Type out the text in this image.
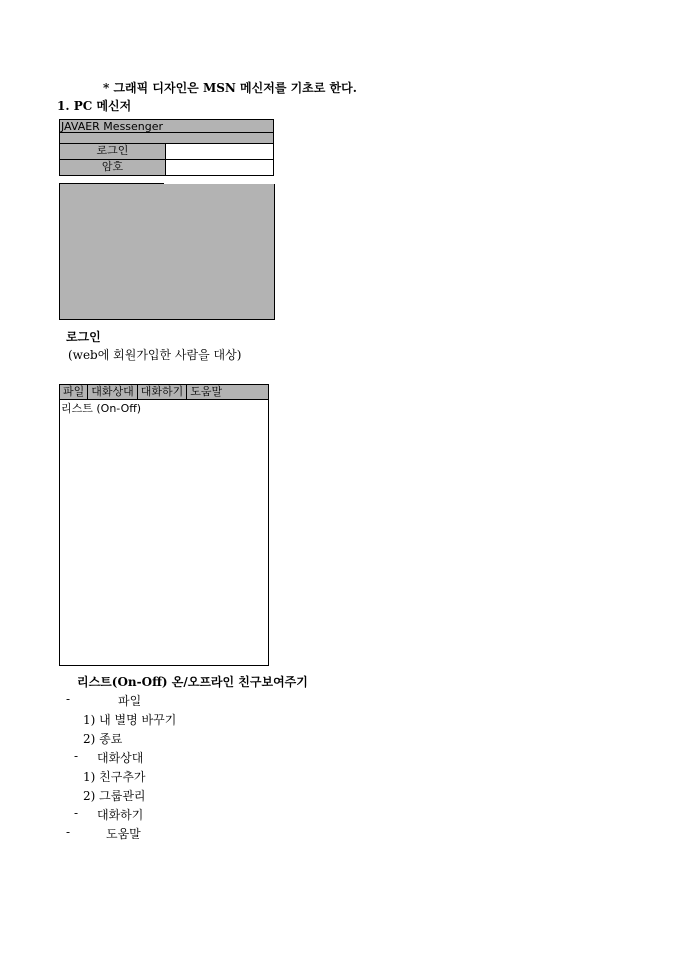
* 그래픽 디자인은 MSN 메신저를 기초로 한다.
1. PC 메신저
JAVAER Messenger
로그인
암호
로그인
(web에 회원가입한 사람을 대상)
파일 대화상대 대화하기 도움말
리스트 (On-Off)
리스트(On-Off) 온/오프라인 친구보여주기
-	파일
1) 내 별명 바꾸기
2) 종료
- 대화상대
1) 친구추가
2) 그룹관리
- 대화하기
-	도움말
